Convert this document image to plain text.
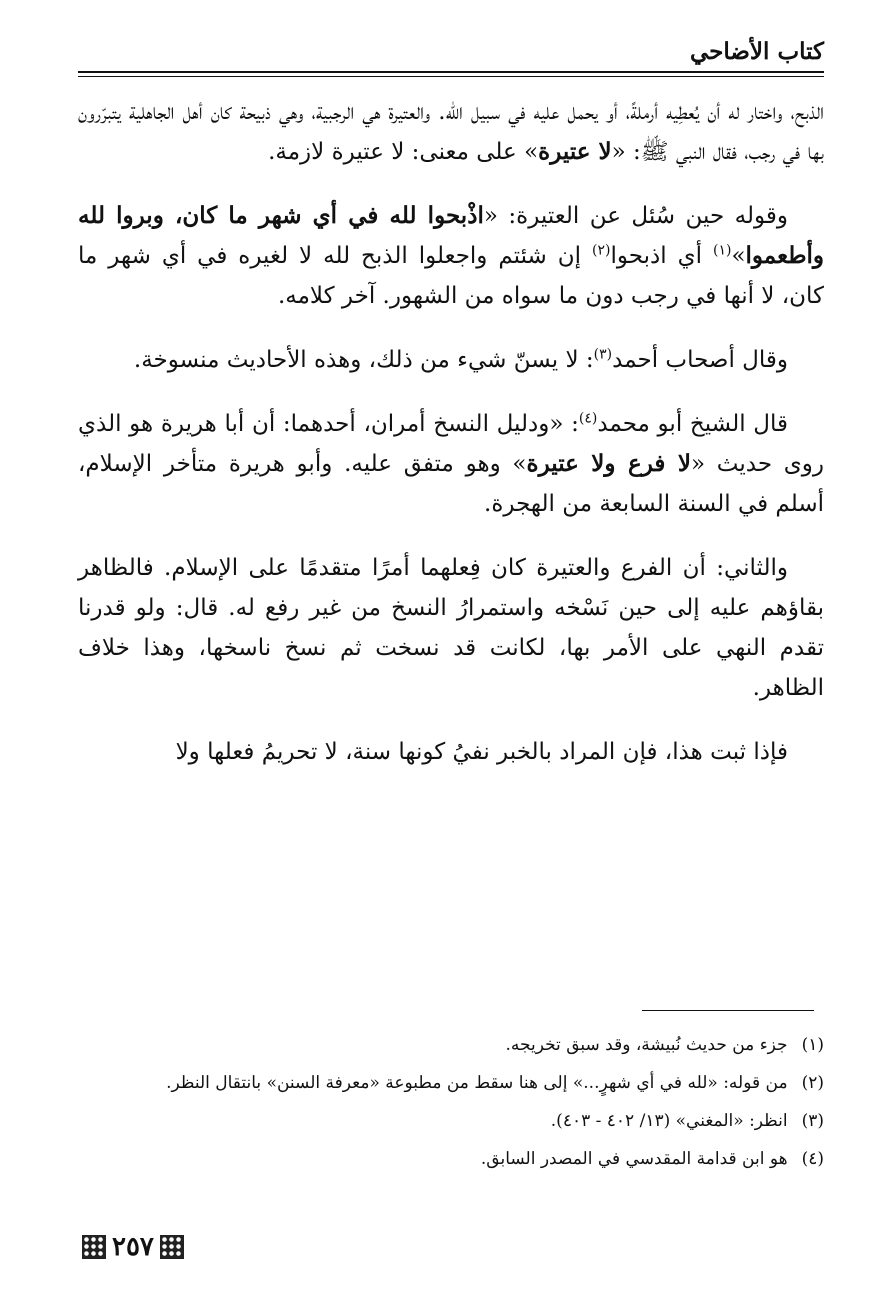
كتاب الأضاحي

الذبح، واختار له أن يُعطِيه أرملةً، أو يحمل عليه في سبيل الله. والعتيرة هي الرجبية، وهي ذبيحة كان أهل الجاهلية يتبرّرون بها في رجب، فقال النبي ﷺ: «لا عتيرة» على معنى: لا عتيرة لازمة.

وقوله حين سُئل عن العتيرة: «اذْبحوا لله في أي شهر ما كان، وبروا لله وأطعموا»$^{(١)}$ أي اذبحوا$^{(٢)}$ إن شئتم واجعلوا الذبح لله لا لغيره في أي شهر ما كان، لا أنها في رجب دون ما سواه من الشهور. آخر كلامه.

وقال أصحاب أحمد$^{(٣)}$: لا يسنّ شيء من ذلك، وهذه الأحاديث منسوخة.

قال الشيخ أبو محمد$^{(٤)}$: «ودليل النسخ أمران، أحدهما: أن أبا هريرة هو الذي روى حديث «لا فرع ولا عتيرة» وهو متفق عليه. وأبو هريرة متأخر الإسلام، أسلم في السنة السابعة من الهجرة.

والثاني: أن الفرع والعتيرة كان فِعلهما أمرًا متقدمًا على الإسلام. فالظاهر بقاؤهم عليه إلى حين نَسْخه واستمرارُ النسخ من غير رفع له. قال: ولو قدرنا تقدم النهي على الأمر بها، لكانت قد نسخت ثم نسخ ناسخها، وهذا خلاف الظاهر.

فإذا ثبت هذا، فإن المراد بالخبر نفيُ كونها سنة، لا تحريمُ فعلها ولا

(١)جزء من حديث نُبيشة، وقد سبق تخريجه.

(٢)من قوله: «لله في أي شهرٍ...» إلى هنا سقط من مطبوعة «معرفة السنن» بانتقال النظر.

(٣)انظر: «المغني» (١٣/ ٤٠٢ - ٤٠٣).

(٤)هو ابن قدامة المقدسي في المصدر السابق.

٢٥٧
